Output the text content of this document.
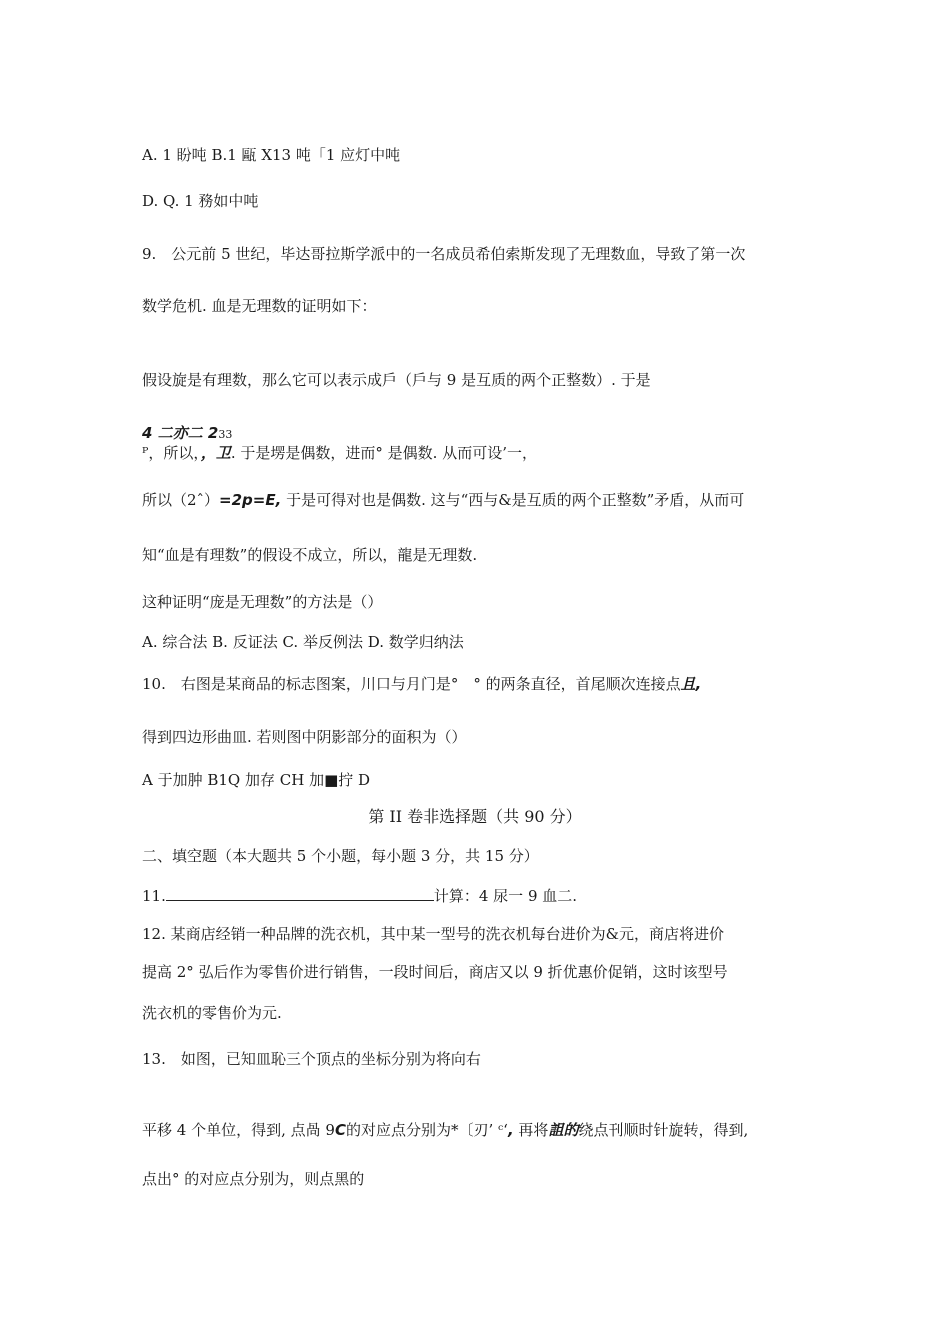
A. 1 盼吨 B.1 甌 X13 吨「1 应灯中吨
D. Q. 1 務如中吨
9.　公元前 5 世纪，毕达哥拉斯学派中的一名成员希伯索斯发现了无理数血，导致了第一次
数学危机. 血是无理数的证明如下：
假设旋是有理数，那么它可以表示成戶（戶与 9 是互质的两个正整数）. 于是
4 二亦二 233
ᴾ，所以，，卫. 于是塄是偶数，进而° 是偶数. 从而可设’一，
所以（2ˆ）=2p=E, 于是可得对也是偶数. 这与“西与&是互质的两个正整数”矛盾，从而可
知“血是有理数”的假设不成立，所以，龍是无理数.
这种证明“庞是无理数”的方法是（）
A. 综合法 B. 反证法 C. 举反例法 D. 数学归纳法
10.　右图是某商品的标志图案，川口与月门是°　° 的两条直径，首尾顺次连接点且,
得到四边形曲皿. 若则图中阴影部分的面积为（）
A 于加肿 B1Q 加存 CH 加■拧 D
第 II 卷非选择题（共 90 分）
二、填空题（本大题共 5 个小题，每小题 3 分，共 15 分）
11.	计算：4 尿一 9 血二.
12. 某商店经销一种品牌的洗衣机，其中某一型号的洗衣机每台进价为&元，商店将进价
提高 2° 弘后作为零售价进行销售，一段时间后，商店又以 9 折优惠价促销，这时该型号
洗衣机的零售价为元.
13.　如图，已知皿恥三个顶点的坐标分别为将向右
平移 4 个单位，得到, 点咼 9C的对应点分别为*〔刃’ ᶜ‘, 再将詛的绕点刊顺时针旋转，得到,
点出° 的对应点分别为，则点黑的
